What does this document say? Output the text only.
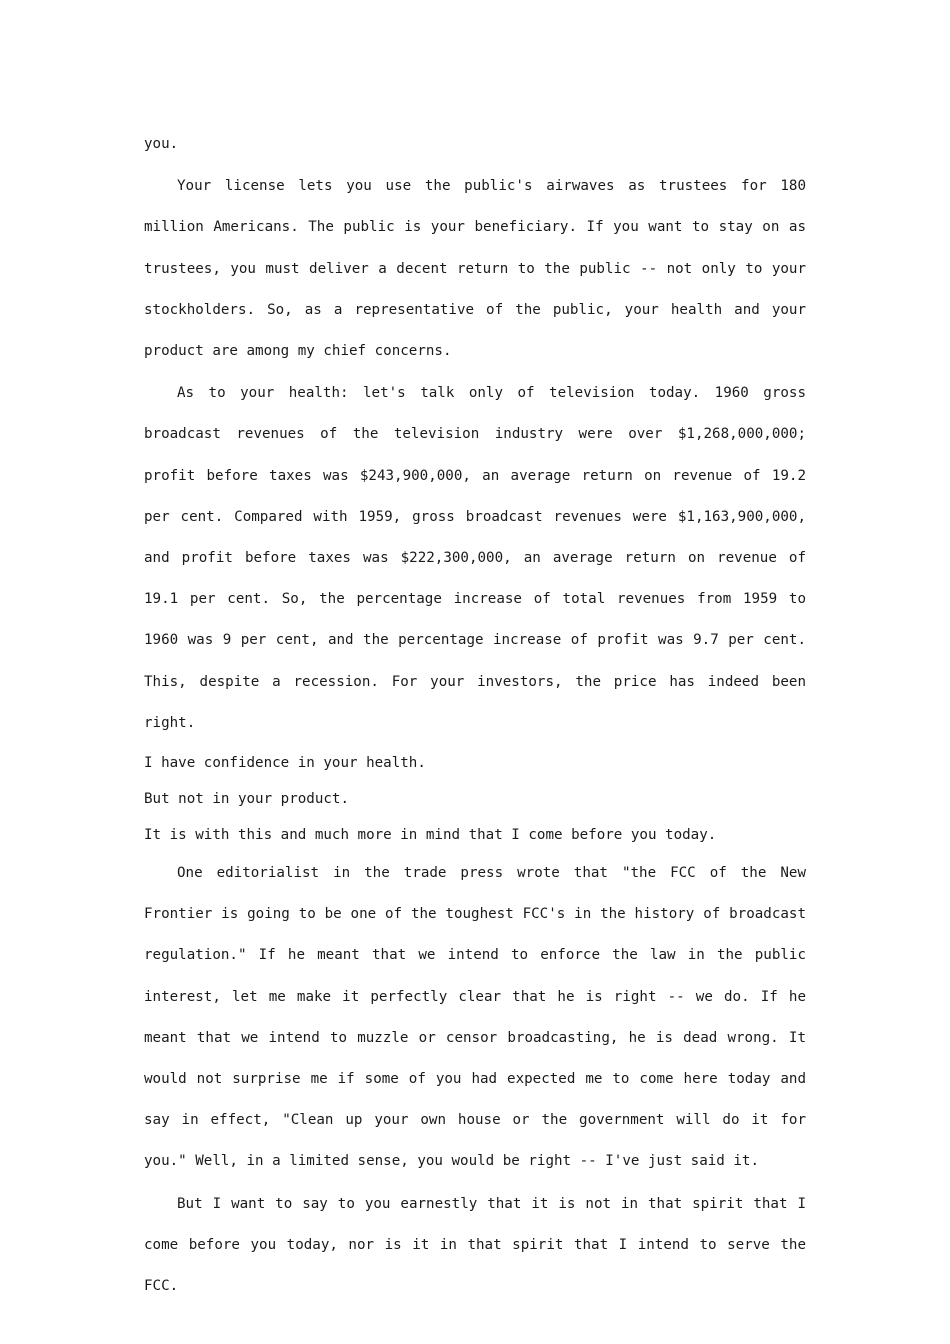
you.

Your license lets you use the public's airwaves as trustees for 180 million Americans. The public is your beneficiary. If you want to stay on as trustees, you must deliver a decent return to the public -- not only to your stockholders. So, as a representative of the public, your health and your product are among my chief concerns.

As to your health: let's talk only of television today. 1960 gross broadcast revenues of the television industry were over $1,268,000,000; profit before taxes was $243,900,000, an average return on revenue of 19.2 per cent. Compared with 1959, gross broadcast revenues were $1,163,900,000, and profit before taxes was $222,300,000, an average return on revenue of 19.1 per cent. So, the percentage increase of total revenues from 1959 to 1960 was 9 per cent, and the percentage increase of profit was 9.7 per cent. This, despite a recession. For your investors, the price has indeed been right.

I have confidence in your health.

But not in your product.

It is with this and much more in mind that I come before you today.

One editorialist in the trade press wrote that "the FCC of the New Frontier is going to be one of the toughest FCC's in the history of broadcast regulation." If he meant that we intend to enforce the law in the public interest, let me make it perfectly clear that he is right -- we do. If he meant that we intend to muzzle or censor broadcasting, he is dead wrong. It would not surprise me if some of you had expected me to come here today and say in effect, "Clean up your own house or the government will do it for you." Well, in a limited sense, you would be right -- I've just said it.

But I want to say to you earnestly that it is not in that spirit that I come before you today, nor is it in that spirit that I intend to serve the FCC.
